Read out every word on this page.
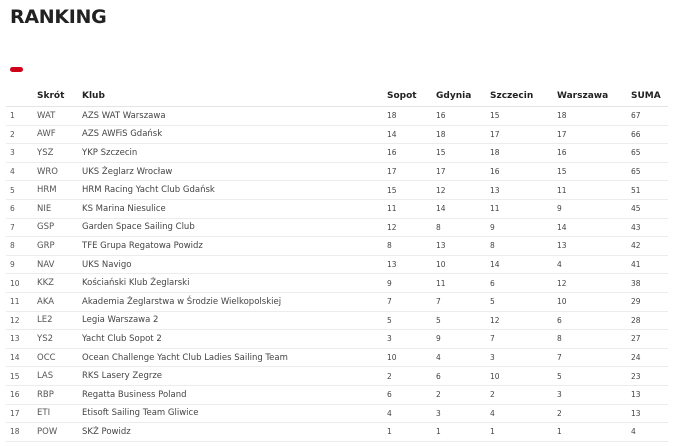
RANKING
	Skrót	Klub	Sopot	Gdynia	Szczecin	Warszawa	SUMA
1	WAT	AZS WAT Warszawa	18	16	15	18	67
2	AWF	AZS AWFiS Gdańsk	14	18	17	17	66
3	YSZ	YKP Szczecin	16	15	18	16	65
4	WRO	UKS Żeglarz Wrocław	17	17	16	15	65
5	HRM	HRM Racing Yacht Club Gdańsk	15	12	13	11	51
6	NIE	KS Marina Niesulice	11	14	11	9	45
7	GSP	Garden Space Sailing Club	12	8	9	14	43
8	GRP	TFE Grupa Regatowa Powidz	8	13	8	13	42
9	NAV	UKS Navigo	13	10	14	4	41
10	KKZ	Kościański Klub Żeglarski	9	11	6	12	38
11	AKA	Akademia Żeglarstwa w Środzie Wielkopolskiej	7	7	5	10	29
12	LE2	Legia Warszawa 2	5	5	12	6	28
13	YS2	Yacht Club Sopot 2	3	9	7	8	27
14	OCC	Ocean Challenge Yacht Club Ladies Sailing Team	10	4	3	7	24
15	LAS	RKS Lasery Zegrze	2	6	10	5	23
16	RBP	Regatta Business Poland	6	2	2	3	13
17	ETI	Etisoft Sailing Team Gliwice	4	3	4	2	13
18	POW	SKŻ Powidz	1	1	1	1	4
